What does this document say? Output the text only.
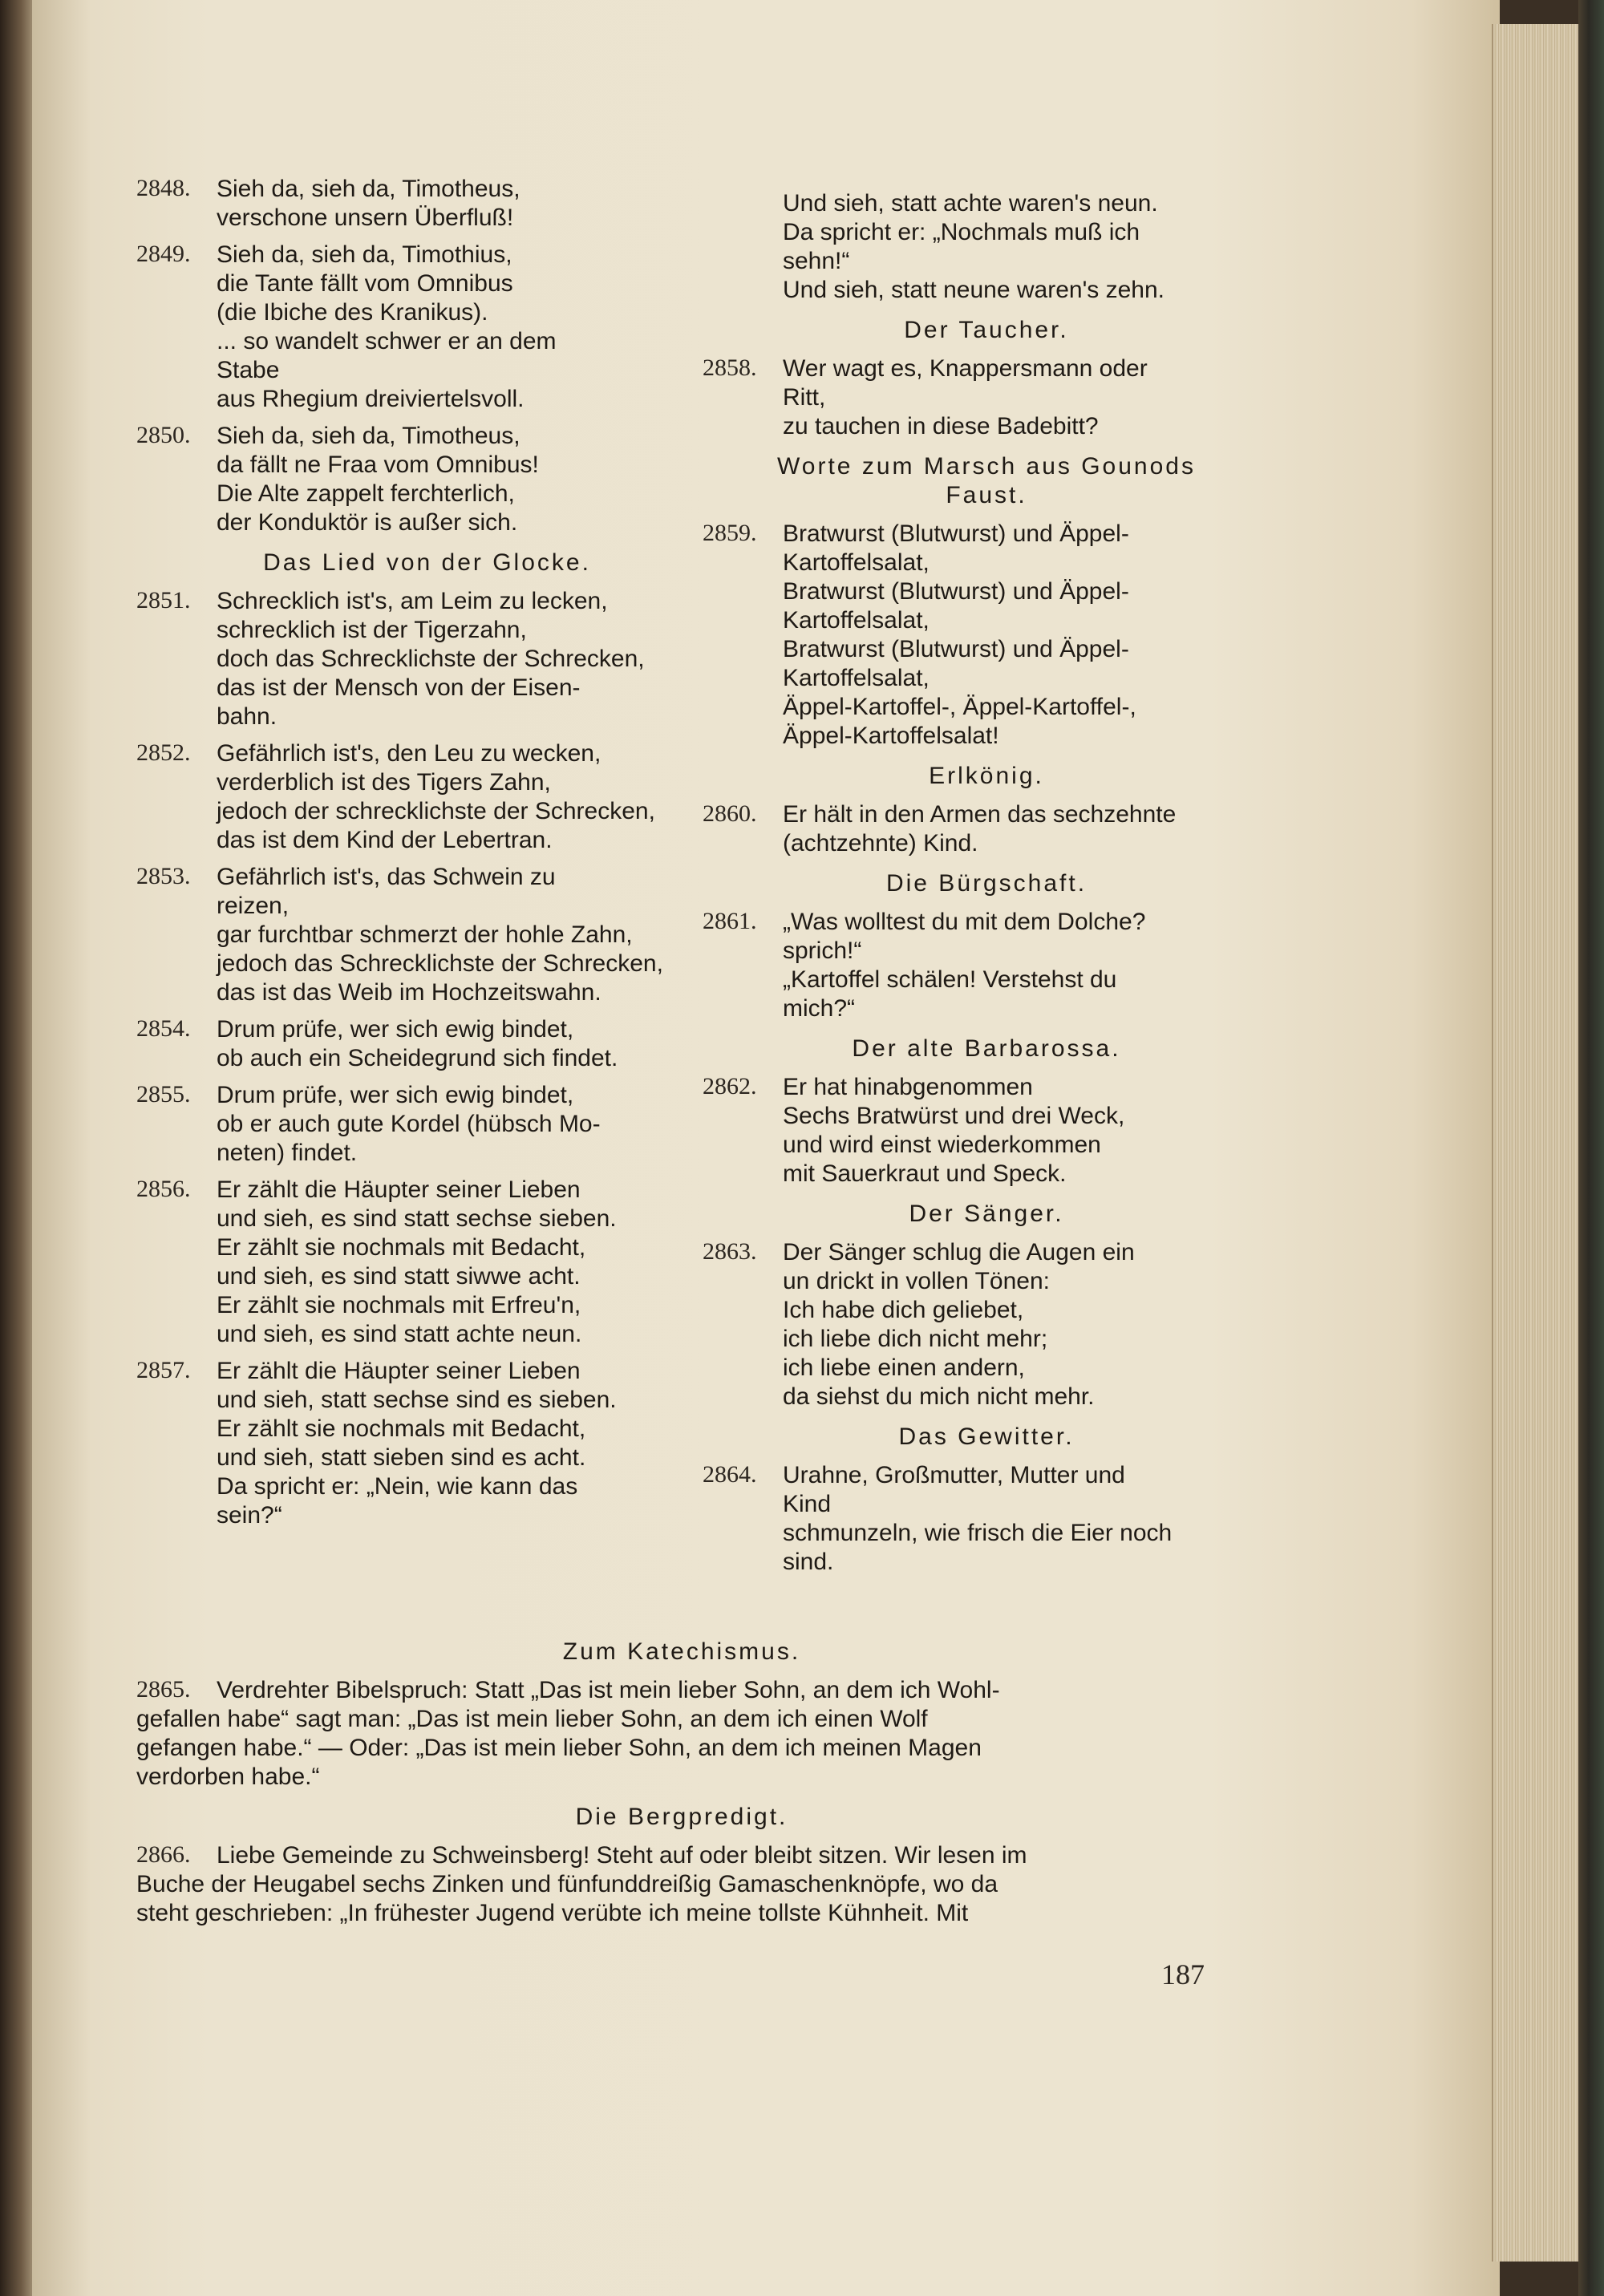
2848. Sieh da, sieh da, Timotheus,
verschone unsern Überfluß!
2849. Sieh da, sieh da, Timothius,
die Tante fällt vom Omnibus
(die Ibiche des Kranikus).
... so wandelt schwer er an dem
Stabe
aus Rhegium dreiviertelsvoll.
2850. Sieh da, sieh da, Timotheus,
da fällt ne Fraa vom Omnibus!
Die Alte zappelt ferchterlich,
der Konduktör is außer sich.
Das Lied von der Glocke.
2851. Schrecklich ist's, am Leim zu lecken,
schrecklich ist der Tigerzahn,
doch das Schrecklichste der Schrecken,
das ist der Mensch von der Eisen-
bahn.
2852. Gefährlich ist's, den Leu zu wecken,
verderblich ist des Tigers Zahn,
jedoch der schrecklichste der Schrecken,
das ist dem Kind der Lebertran.
2853. Gefährlich ist's, das Schwein zu
reizen,
gar furchtbar schmerzt der hohle Zahn,
jedoch das Schrecklichste der Schrecken,
das ist das Weib im Hochzeitswahn.
2854. Drum prüfe, wer sich ewig bindet,
ob auch ein Scheidegrund sich findet.
2855. Drum prüfe, wer sich ewig bindet,
ob er auch gute Kordel (hübsch Mo-
neten) findet.
2856. Er zählt die Häupter seiner Lieben
und sieh, es sind statt sechse sieben.
Er zählt sie nochmals mit Bedacht,
und sieh, es sind statt siwwe acht.
Er zählt sie nochmals mit Erfreu'n,
und sieh, es sind statt achte neun.
2857. Er zählt die Häupter seiner Lieben
und sieh, statt sechse sind es sieben.
Er zählt sie nochmals mit Bedacht,
und sieh, statt sieben sind es acht.
Da spricht er: „Nein, wie kann das
sein?“
Und sieh, statt achte waren's neun.
Da spricht er: „Nochmals muß ich
sehn!“
Und sieh, statt neune waren's zehn.
Der Taucher.
2858. Wer wagt es, Knappersmann oder
Ritt,
zu tauchen in diese Badebitt?
Worte zum Marsch aus Gounods Faust.
2859. Bratwurst (Blutwurst) und Äppel-
Kartoffelsalat,
Bratwurst (Blutwurst) und Äppel-
Kartoffelsalat,
Bratwurst (Blutwurst) und Äppel-
Kartoffelsalat,
Äppel-Kartoffel-, Äppel-Kartoffel-,
Äppel-Kartoffelsalat!
Erlkönig.
2860. Er hält in den Armen das sechzehnte
(achtzehnte) Kind.
Die Bürgschaft.
2861. „Was wolltest du mit dem Dolche?
sprich!“
„Kartoffel schälen! Verstehst du
mich?“
Der alte Barbarossa.
2862. Er hat hinabgenommen
Sechs Bratwürst und drei Weck,
und wird einst wiederkommen
mit Sauerkraut und Speck.
Der Sänger.
2863. Der Sänger schlug die Augen ein
un drickt in vollen Tönen:
Ich habe dich geliebet,
ich liebe dich nicht mehr;
ich liebe einen andern,
da siehst du mich nicht mehr.
Das Gewitter.
2864. Urahne, Großmutter, Mutter und
Kind
schmunzeln, wie frisch die Eier noch
sind.
Zum Katechismus.
2865. Verdrehter Bibelspruch: Statt „Das ist mein lieber Sohn, an dem ich Wohl-
gefallen habe“ sagt man: „Das ist mein lieber Sohn, an dem ich einen Wolf
gefangen habe.“ — Oder: „Das ist mein lieber Sohn, an dem ich meinen Magen
verdorben habe.“
Die Bergpredigt.
2866. Liebe Gemeinde zu Schweinsberg! Steht auf oder bleibt sitzen. Wir lesen im
Buche der Heugabel sechs Zinken und fünfunddreißig Gamaschenknöpfe, wo da
steht geschrieben: „In frühester Jugend verübte ich meine tollste Kühnheit. Mit
187
